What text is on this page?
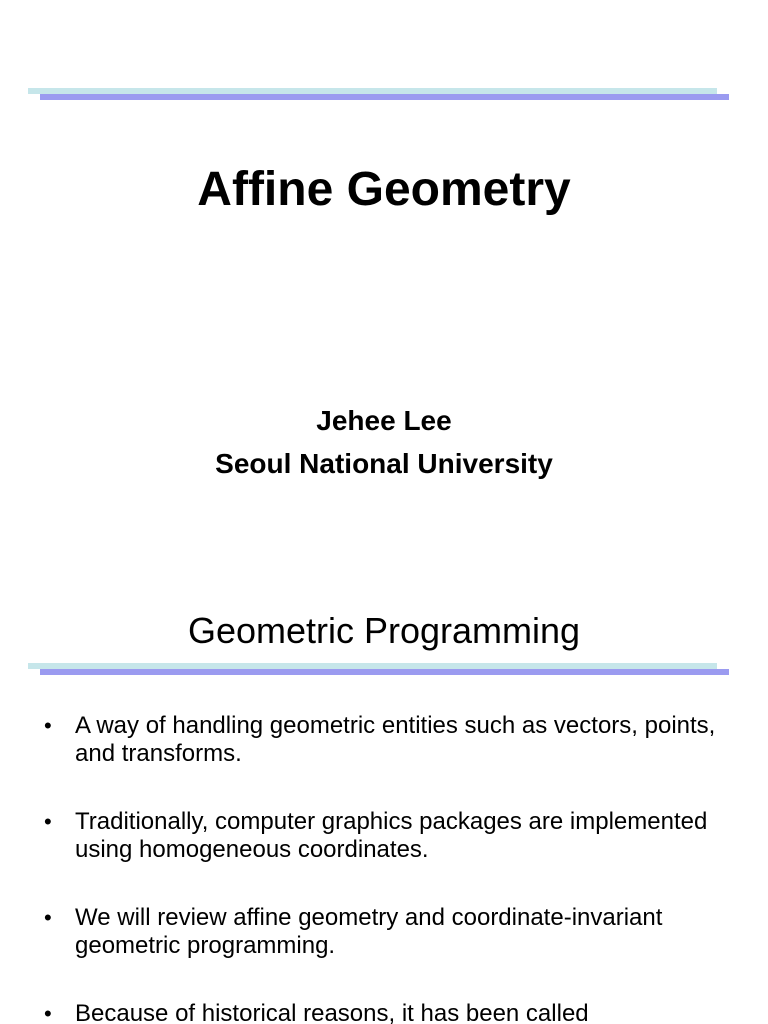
Affine Geometry
Jehee Lee
Seoul National University
Geometric Programming
• A way of handling geometric entities such as vectors, points, and transforms.
• Traditionally, computer graphics packages are implemented using homogeneous coordinates.
• We will review affine geometry and coordinate-invariant geometric programming.
• Because of historical reasons, it has been called
